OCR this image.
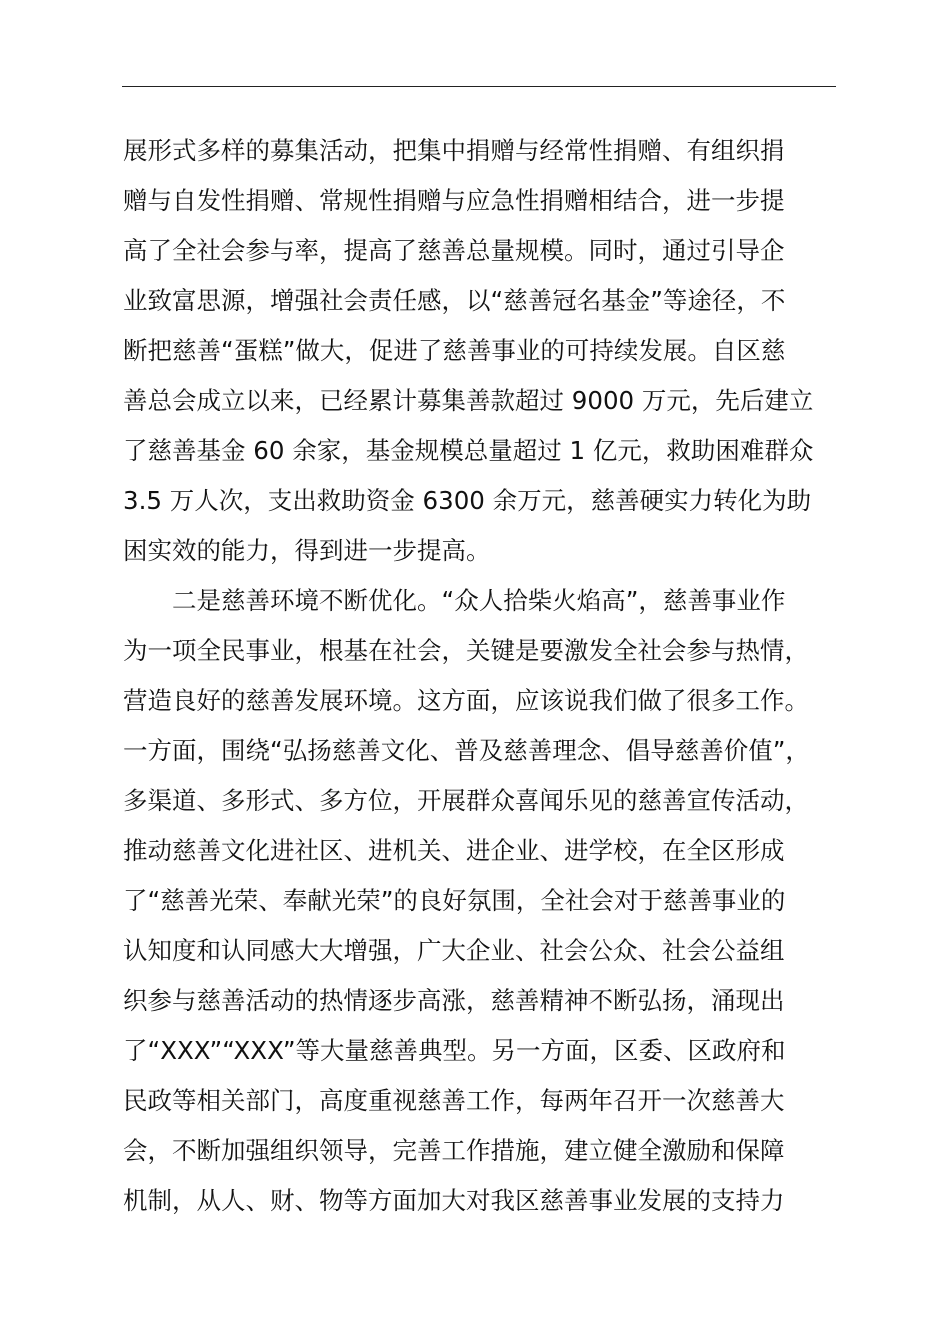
展形式多样的募集活动，把集中捐赠与经常性捐赠、有组织捐
赠与自发性捐赠、常规性捐赠与应急性捐赠相结合，进一步提
高了全社会参与率，提高了慈善总量规模。同时，通过引导企
业致富思源，增强社会责任感，以“慈善冠名基金”等途径，不
断把慈善“蛋糕”做大，促进了慈善事业的可持续发展。自区慈
善总会成立以来，已经累计募集善款超过 9000 万元，先后建立
了慈善基金 60 余家，基金规模总量超过 1 亿元，救助困难群众
3.5 万人次，支出救助资金 6300 余万元，慈善硬实力转化为助
困实效的能力，得到进一步提高。
二是慈善环境不断优化。“众人拾柴火焰高”，慈善事业作
为一项全民事业，根基在社会，关键是要激发全社会参与热情，
营造良好的慈善发展环境。这方面，应该说我们做了很多工作。
一方面，围绕“弘扬慈善文化、普及慈善理念、倡导慈善价值”，
多渠道、多形式、多方位，开展群众喜闻乐见的慈善宣传活动，
推动慈善文化进社区、进机关、进企业、进学校，在全区形成
了“慈善光荣、奉献光荣”的良好氛围，全社会对于慈善事业的
认知度和认同感大大增强，广大企业、社会公众、社会公益组
织参与慈善活动的热情逐步高涨，慈善精神不断弘扬，涌现出
了“XXX”“XXX”等大量慈善典型。另一方面，区委、区政府和
民政等相关部门，高度重视慈善工作，每两年召开一次慈善大
会，不断加强组织领导，完善工作措施，建立健全激励和保障
机制，从人、财、物等方面加大对我区慈善事业发展的支持力
